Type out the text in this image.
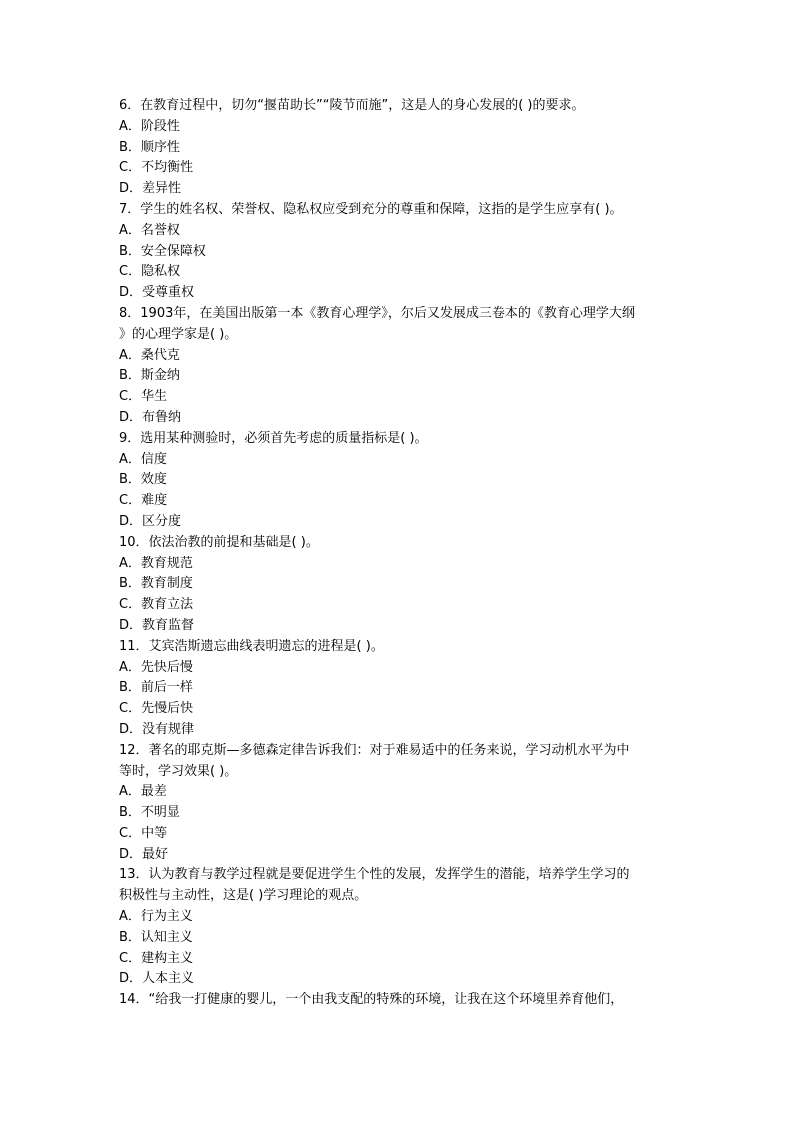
6．在教育过程中，切勿“揠苗助长”“陵节而施”，这是人的身心发展的( )的要求。
A．阶段性
B．顺序性
C．不均衡性
D．差异性
7．学生的姓名权、荣誉权、隐私权应受到充分的尊重和保障，这指的是学生应享有( )。
A．名誉权
B．安全保障权
C．隐私权
D．受尊重权
8．1903年，在美国出版第一本《教育心理学》，尔后又发展成三卷本的《教育心理学大纲
》的心理学家是( )。
A．桑代克
B．斯金纳
C．华生
D．布鲁纳
9．选用某种测验时，必须首先考虑的质量指标是( )。
A．信度
B．效度
C．难度
D．区分度
10．依法治教的前提和基础是( )。
A．教育规范
B．教育制度
C．教育立法
D．教育监督
11．艾宾浩斯遗忘曲线表明遗忘的进程是( )。
A．先快后慢
B．前后一样
C．先慢后快
D．没有规律
12．著名的耶克斯—多德森定律告诉我们：对于难易适中的任务来说，学习动机水平为中
等时，学习效果( )。
A．最差
B．不明显
C．中等
D．最好
13．认为教育与教学过程就是要促进学生个性的发展，发挥学生的潜能，培养学生学习的
积极性与主动性，这是( )学习理论的观点。
A．行为主义
B．认知主义
C．建构主义
D．人本主义
14．“给我一打健康的婴儿，一个由我支配的特殊的环境，让我在这个环境里养育他们，
